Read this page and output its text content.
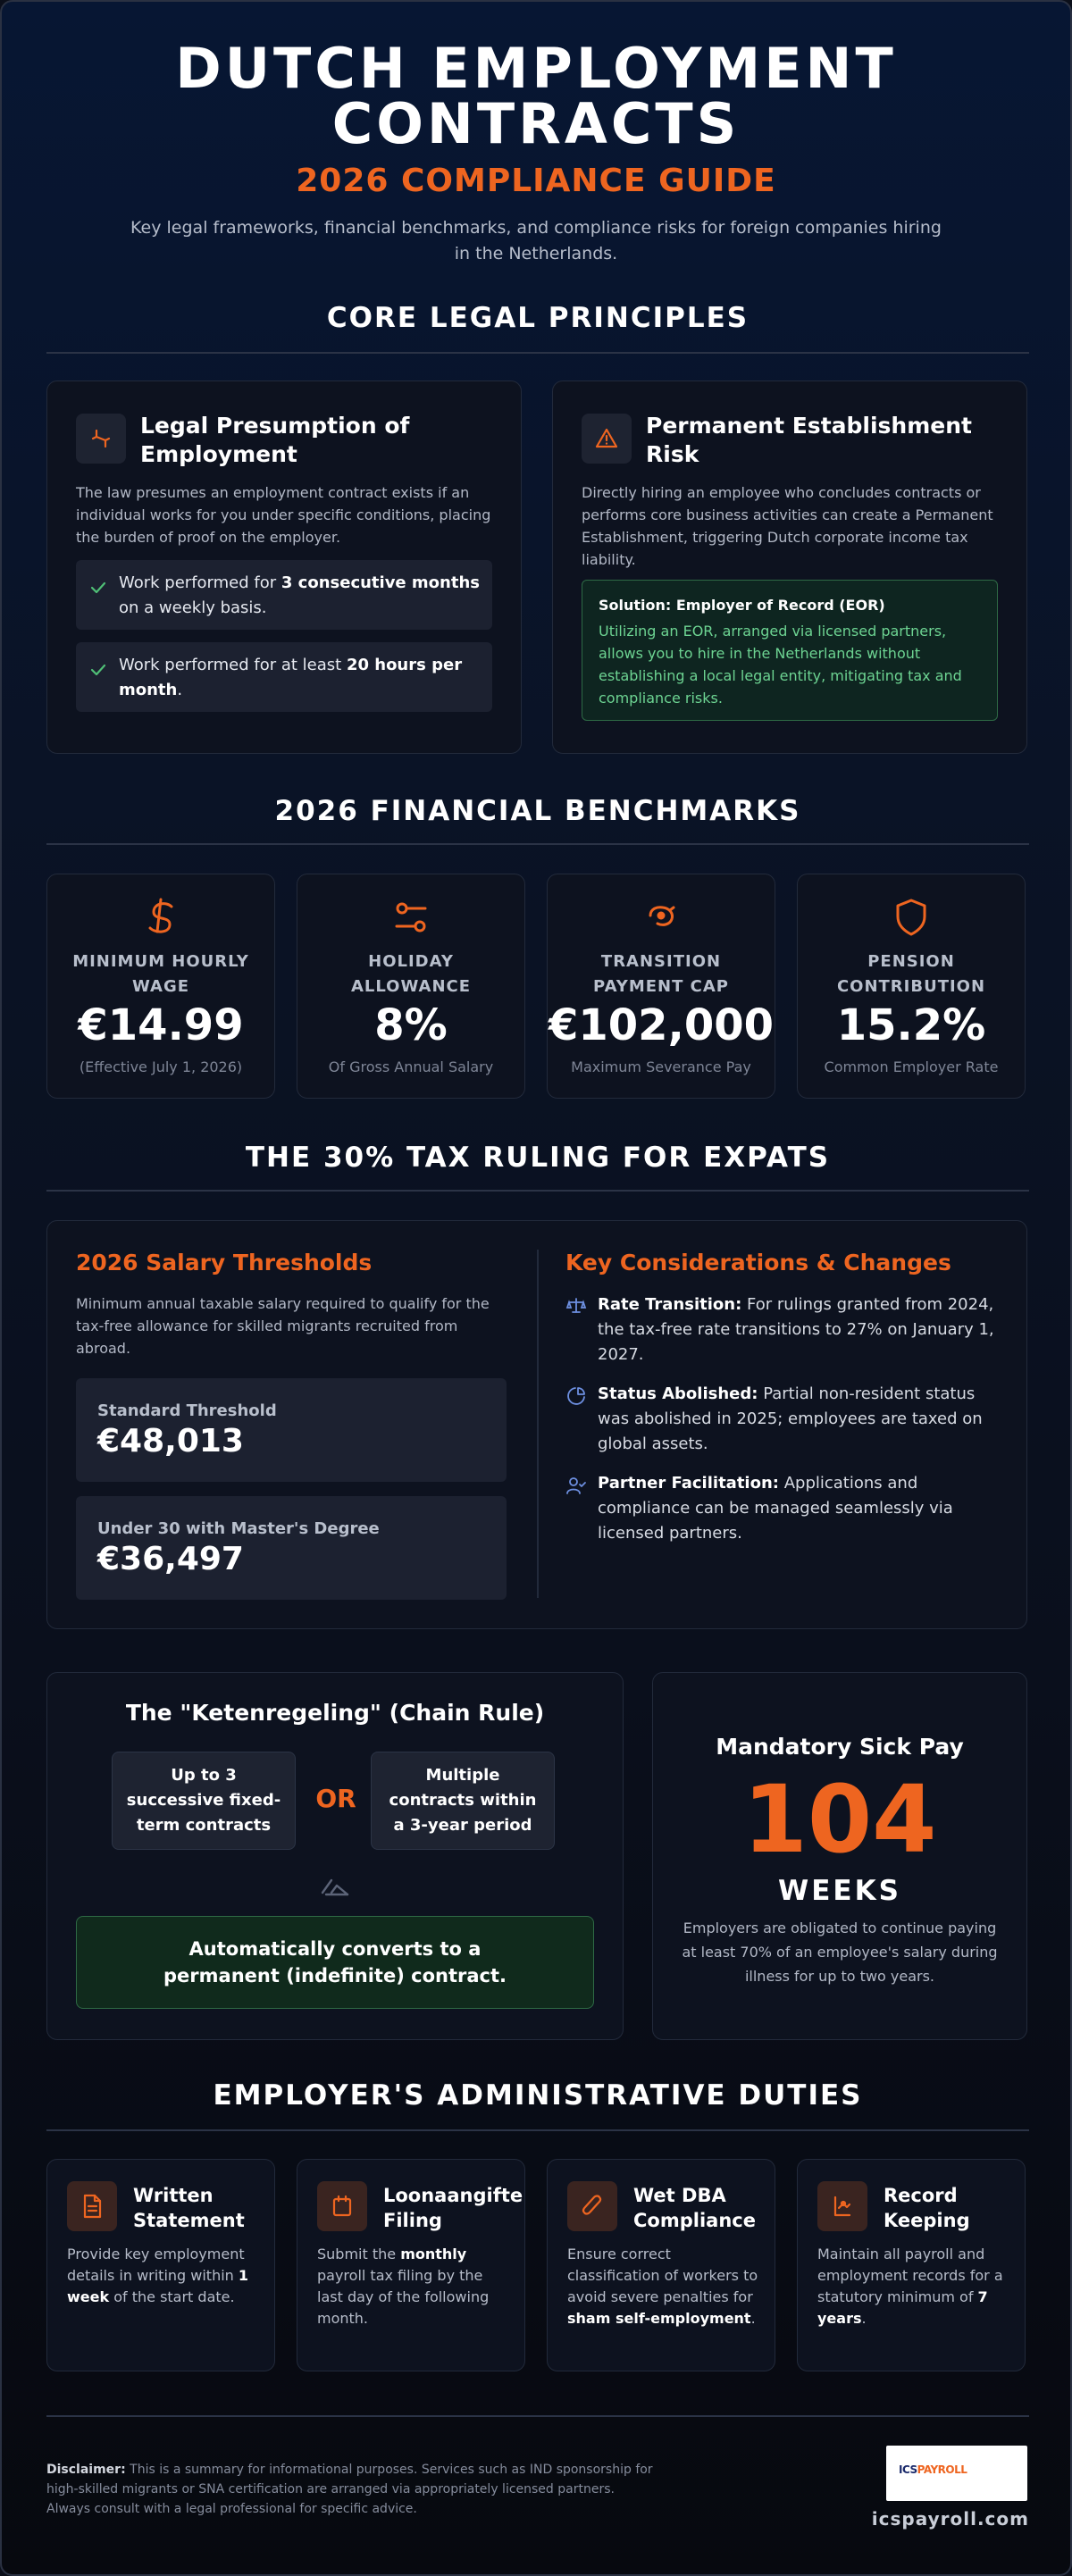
DUTCH EMPLOYMENT CONTRACTS
2026 COMPLIANCE GUIDE
Key legal frameworks, financial benchmarks, and compliance risks for foreign companies hiring in the Netherlands.
CORE LEGAL PRINCIPLES
Legal Presumption of Employment
The law presumes an employment contract exists if an individual works for you under specific conditions, placing the burden of proof on the employer.
Work performed for 3 consecutive months on a weekly basis.
Work performed for at least 20 hours per month.
Permanent Establishment Risk
Directly hiring an employee who concludes contracts or performs core business activities can create a Permanent Establishment, triggering Dutch corporate income tax liability.
Solution: Employer of Record (EOR)
Utilizing an EOR, arranged via licensed partners, allows you to hire in the Netherlands without establishing a local legal entity, mitigating tax and compliance risks.
2026 FINANCIAL BENCHMARKS
MINIMUM HOURLY WAGE
€14.99
(Effective July 1, 2026)
HOLIDAY ALLOWANCE
8%
Of Gross Annual Salary
TRANSITION PAYMENT CAP
€102,000
Maximum Severance Pay
PENSION CONTRIBUTION
15.2%
Common Employer Rate
THE 30% TAX RULING FOR EXPATS
2026 Salary Thresholds
Minimum annual taxable salary required to qualify for the tax-free allowance for skilled migrants recruited from abroad.
Standard Threshold
€48,013
Under 30 with Master's Degree
€36,497
Key Considerations & Changes
Rate Transition: For rulings granted from 2024, the tax-free rate transitions to 27% on January 1, 2027.
Status Abolished: Partial non-resident status was abolished in 2025; employees are taxed on global assets.
Partner Facilitation: Applications and compliance can be managed seamlessly via licensed partners.
The "Ketenregeling" (Chain Rule)
Up to 3 successive fixed-term contracts
OR
Multiple contracts within a 3-year period
Automatically converts to a permanent (indefinite) contract.
Mandatory Sick Pay
104
WEEKS
Employers are obligated to continue paying at least 70% of an employee's salary during illness for up to two years.
EMPLOYER'S ADMINISTRATIVE DUTIES
Written Statement
Provide key employment details in writing within 1 week of the start date.
Loonaangifte Filing
Submit the monthly payroll tax filing by the last day of the following month.
Wet DBA Compliance
Ensure correct classification of workers to avoid severe penalties for sham self-employment.
Record Keeping
Maintain all payroll and employment records for a statutory minimum of 7 years.
Disclaimer: This is a summary for informational purposes. Services such as IND sponsorship for high-skilled migrants or SNA certification are arranged via appropriately licensed partners. Always consult with a legal professional for specific advice.
ICSPAYROLL
icspayroll.com
